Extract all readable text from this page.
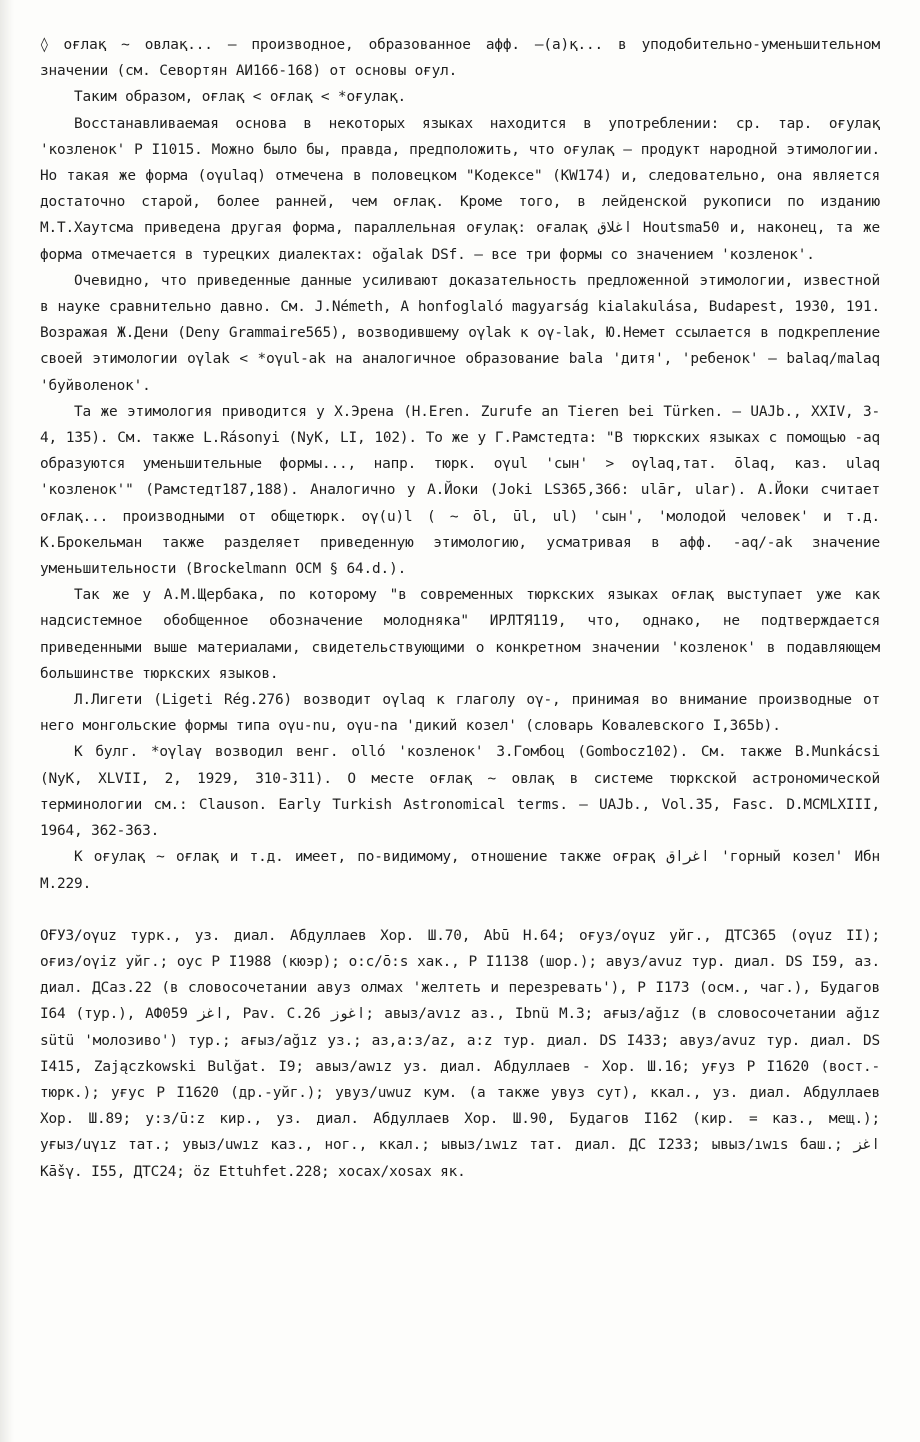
◊ оғлақ ~ овлақ... – производное, образованное афф. –(а)қ... в уподобительно-уменьшительном значении (см. Севортян АИ166-168) от основы оғул.

Таким образом, оғлақ < оғлақ < *оғулақ.

Восстанавливаемая основа в некоторых языках находится в употреблении: ср. тар. оғулақ 'козленок' Р I1015. Можно было бы, правда, предположить, что оғулақ – продукт народной этимологии. Но такая же форма (oγulaq) отмечена в половецком "Кодексе" (KW174) и, следовательно, она является достаточно старой, более ранней, чем оғлақ. Кроме того, в лейденской рукописи по изданию М.Т.Хаутсма приведена другая форма, параллельная оғулақ: оғалақ اغلاق Houtsma50 и, наконец, та же форма отмечается в турецких диалектах: oğalak DSf. – все три формы со значением 'козленок'.

Очевидно, что приведенные данные усиливают доказательность предложенной этимологии, известной в науке сравнительно давно. См. J.Németh, A honfoglaló magyarság kialakulása, Budapest, 1930, 191. Возражая Ж.Дени (Deny Grammaire565), возводившему oγlak к oγ-lak, Ю.Немет ссылается в подкрепление своей этимологии oγlak < *oγul-ak на аналогичное образование bala 'дитя', 'ребенок' – balaq/malaq 'буйволенок'.

Та же этимология приводится у Х.Эрена (H.Eren. Zurufe an Tieren bei Türken. – UAJb., XXIV, 3-4, 135). См. также L.Rásonyi (NyK, LI, 102). То же у Г.Рамстедта: "В тюркских языках с помощью -aq образуются уменьшительные формы..., напр. тюрк. oγul 'сын' > oγlaq,тат. ōlaq, каз. ulaq 'козленок'" (Рамстедт187,188). Аналогично у А.Йоки (Joki LS365,366: ulār, ular). А.Йоки считает оғлақ... производными от общетюрк. oγ(u)l ( ~ ōl, ūl, ul) 'сын', 'молодой человек' и т.д. К.Брокельман также разделяет приведенную этимологию, усматривая в афф. -aq/-ak значение уменьшительности (Brockelmann OCM § 64.d.).

Так же у А.М.Щербака, по которому "в современных тюркских языках оғлақ выступает уже как надсистемное обобщенное обозначение молодняка" ИРЛТЯ119, что, однако, не подтверждается приведенными выше материалами, свидетельствующими о конкретном значении 'козленок' в подавляющем большинстве тюркских языков.

Л.Лигети (Ligeti Rég.276) возводит oγlaq к глаголу oγ-, принимая во внимание производные от него монгольские формы типа oγu-nu, oγu-na 'дикий козел' (словарь Ковалевского I,365b).

К булг. *oγlaγ возводил венг. olló 'козленок' З.Гомбоц (Gombocz102). См. также B.Munkácsi (NyK, XLVII, 2, 1929, 310-311). О месте оғлақ ~ овлақ в системе тюркской астрономической терминологии см.: Clauson. Early Turkish Astronomical terms. – UAJb., Vol.35, Fasc. D.MCMLXIII, 1964, 362-363.

К оғулақ ~ оғлақ и т.д. имеет, по-видимому, отношение также оғрақ اغراق 'горный козел' Ибн М.229.

OҒУЗ/oγuz турк., уз. диал. Абдуллаев Хор. Ш.70, Abū H.64; oғуз/oγuz уйг., ДТС365 (oγuz II); oғиз/oγiz уйг.; oуc P I1988 (кюэр); o:c/ō:s хак., P I1138 (шор.); авуз/avuz тур. диал. DS I59, аз. диал. ДСаз.22 (в словосочетании авуз олмах 'желтеть и перезревать'), P I173 (осм., чаг.), Будагов I64 (тур.), АФ059 اغز, Pav. C.26 اغوز; авыз/avız аз., Ibnü M.3; ағыз/ağız (в словосочетании ağız sütü 'молозиво') тур.; ағыз/ağız уз.; аз,а:з/az, a:z тур. диал. DS I433; авуз/avuz тур. диал. DS I415, Zajączkowski Bulğat. I9; авыз/awız уз. диал. Абдуллаев - Хор. Ш.16; уғуз P I1620 (вост.-тюрк.); уғус P I1620 (др.-уйг.); увуз/uwuz кум. (а также увуз сут), ккал., уз. диал. Абдуллаев Хор. Ш.89; у:з/ū:z кир., уз. диал. Абдуллаев Хор. Ш.90, Будагов I162 (кир. = каз., мещ.); уғыз/uγız тат.; увыз/uwız каз., ног., ккал.; ывыз/ıwız тат. диал. ДС I233; ывыз/ıwıs баш.; اغز Kāšγ. I55, ДТС24; öz Ettuhfet.228; хосах/xosax як.
